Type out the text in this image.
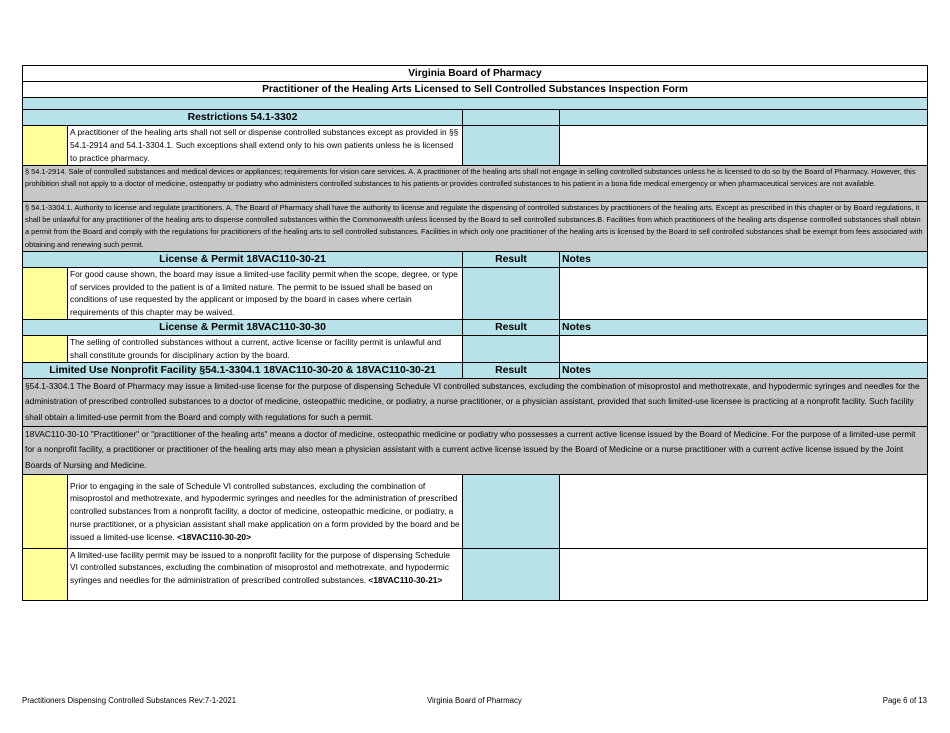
Virginia Board of Pharmacy			
Practitioner of the Healing Arts Licensed to Sell Controlled Substances Inspection Form			

Restrictions 54.1-3302			
	A practitioner of the healing arts shall not sell or dispense controlled substances except as provided in §§ 54.1-2914 and 54.1-3304.1. Such exceptions shall extend only to his own patients unless he is licensed to practice pharmacy.		
§ 54.1-2914. Sale of controlled substances and medical devices or appliances; requirements for vision care services. A. A practitioner of the healing arts shall not engage in selling controlled substances unless he is licensed to do so by the Board of Pharmacy. However, this prohibition shall not apply to a doctor of medicine, osteopathy or podiatry who administers controlled substances to his patients or provides controlled substances to his patient in a bona fide medical emergency or when pharmaceutical services are not available.			
§ 54.1-3304.1. Authority to license and regulate practitioners. A. The Board of Pharmacy shall have the authority to license and regulate the dispensing of controlled substances by practitioners of the healing arts. Except as prescribed in this chapter or by Board regulations, it shall be unlawful for any practitioner of the healing arts to dispense controlled substances within the Commonwealth unless licensed by the Board to sell controlled substances.B. Facilities from which practitioners of the healing arts dispense controlled substances shall obtain a permit from the Board and comply with the regulations for practitioners of the healing arts to sell controlled substances. Facilities in which only one practitioner of the healing arts is licensed by the Board to sell controlled substances shall be exempt from fees associated with obtaining and renewing such permit.			
License & Permit 18VAC110-30-21		Result	Notes
	For good cause shown, the board may issue a limited-use facility permit when the scope, degree, or type of services provided to the patient is of a limited nature. The permit to be issued shall be based on conditions of use requested by the applicant or imposed by the board in cases where certain requirements of this chapter may be waived.		
License & Permit 18VAC110-30-30		Result	Notes
	The selling of controlled substances without a current, active license or facility permit is unlawful and shall constitute grounds for disciplinary action by the board.		
Limited Use Nonprofit Facility §54.1-3304.1 18VAC110-30-20 & 18VAC110-30-21		Result	Notes
§54.1-3304.1 The Board of Pharmacy may issue a limited-use license for the purpose of dispensing Schedule VI controlled substances, excluding the combination of misoprostol and methotrexate, and hypodermic syringes and needles for the administration of prescribed controlled substances to a doctor of medicine, osteopathic medicine, or podiatry, a nurse practitioner, or a physician assistant, provided that such limited-use licensee is practicing at a nonprofit facility. Such facility shall obtain a limited-use permit from the Board and comply with regulations for such a permit.			
18VAC110-30-10 "Practitioner" or "practitioner of the healing arts" means a doctor of medicine, osteopathic medicine or podiatry who possesses a current active license issued by the Board of Medicine. For the purpose of a limited-use permit for a nonprofit facility, a practitioner or practitioner of the healing arts may also mean a physician assistant with a current active license issued by the Board of Medicine or a nurse practitioner with a current active license issued by the Joint Boards of Nursing and Medicine.			
	Prior to engaging in the sale of Schedule VI controlled substances, excluding the combination of misoprostol and methotrexate, and hypodermic syringes and needles for the administration of prescribed controlled substances from a nonprofit facility, a doctor of medicine, osteopathic medicine, or podiatry, a nurse practitioner, or a physician assistant shall make application on a form provided by the board and be issued a limited-use license. <18VAC110-30-20>		
	A limited-use facility permit may be issued to a nonprofit facility for the purpose of dispensing Schedule VI controlled substances, excluding the combination of misoprostol and methotrexate, and hypodermic syringes and needles for the administration of prescribed controlled substances. <18VAC110-30-21>		
Practitioners Dispensing Controlled Substances Rev:7-1-2021	Virginia Board of Pharmacy	Page 6 of 13
